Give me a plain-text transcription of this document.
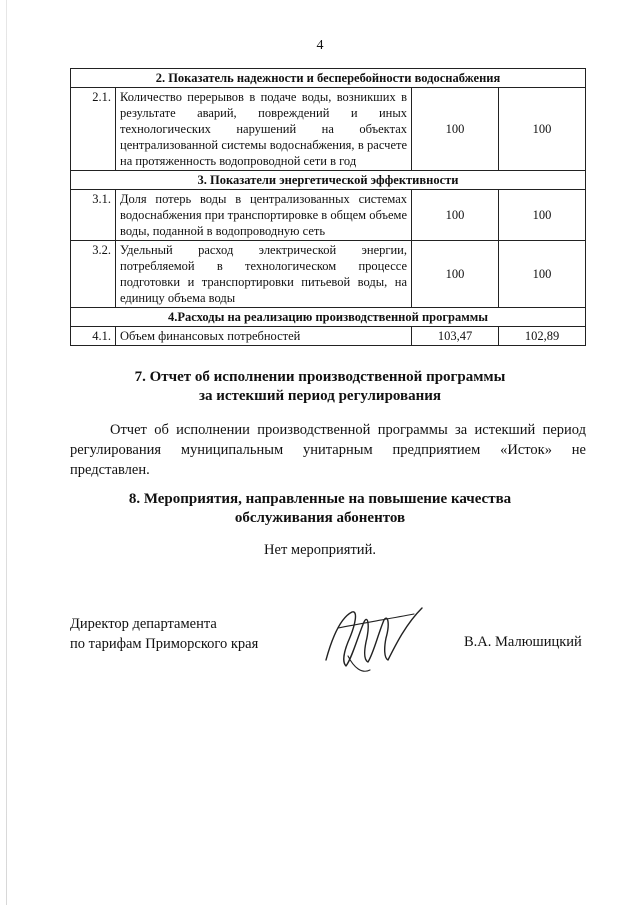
4
2. Показатель надежности и бесперебойности водоснабжения			
2.1.	Количество перерывов в подаче воды, возникших в результате аварий, повреждений и иных технологических нарушений на объектах централизованной системы водоснабжения, в расчете на протяженность водопроводной сети в год	100	100
3. Показатели энергетической эффективности			
3.1.	Доля потерь воды в централизованных системах водоснабжения при транспортировке в общем объеме воды, поданной в водопроводную сеть	100	100
3.2.	Удельный расход электрической энергии, потребляемой в технологическом процессе подготовки и транспортировки питьевой воды, на единицу объема воды	100	100
4.Расходы на реализацию производственной программы			
4.1.	Объем финансовых потребностей	103,47	102,89
7. Отчет об исполнении производственной программы
за истекший период регулирования
Отчет об исполнении производственной программы за истекший период регулирования муниципальным унитарным предприятием «Исток» не представлен.
8. Мероприятия, направленные на повышение качества
обслуживания абонентов
Нет мероприятий.
Директор департамента
по тарифам Приморского края	В.А. Малюшицкий
